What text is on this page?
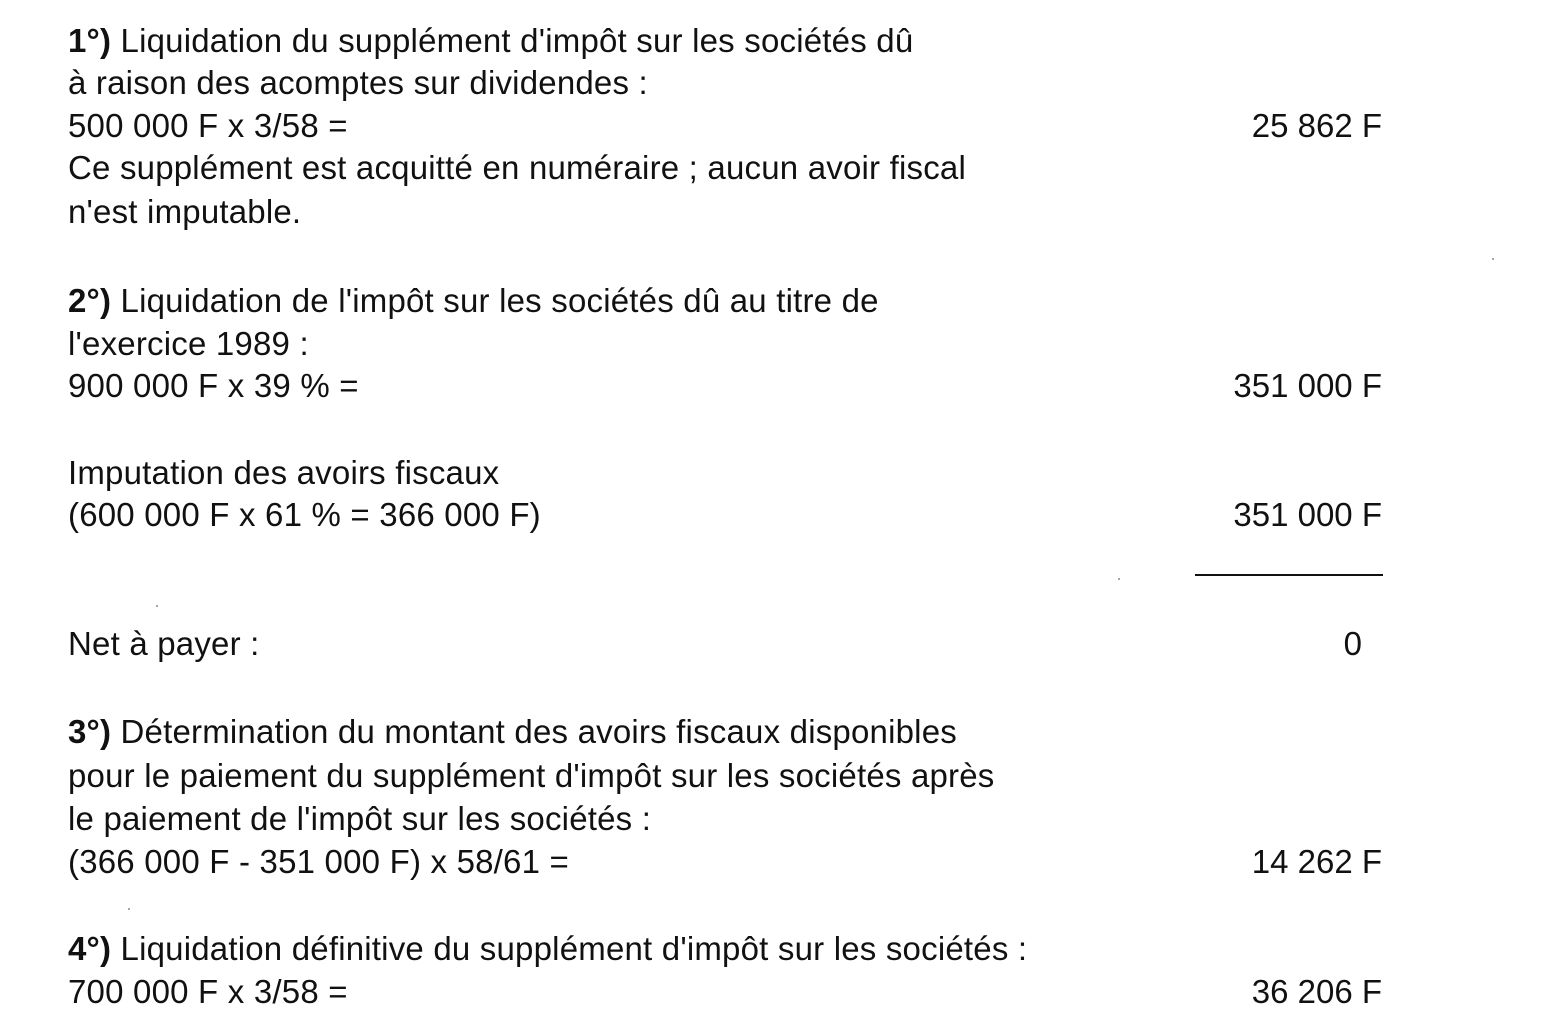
1°) Liquidation du supplément d'impôt sur les sociétés dû
à raison des acomptes sur dividendes :
500 000 F x 3/58 =	25 862 F
Ce supplément est acquitté en numéraire ; aucun avoir fiscal
n'est imputable.
2°) Liquidation de l'impôt sur les sociétés dû au titre de
l'exercice 1989 :
900 000 F x 39 % =	351 000 F
Imputation des avoirs fiscaux
(600 000 F x 61 % = 366 000 F)	351 000 F
Net à payer :	0
3°) Détermination du montant des avoirs fiscaux disponibles
pour le paiement du supplément d'impôt sur les sociétés après
le paiement de l'impôt sur les sociétés :
(366 000 F - 351 000 F) x 58/61 =	14 262 F
4°) Liquidation définitive du supplément d'impôt sur les sociétés :
700 000 F x 3/58 =	36 206 F
